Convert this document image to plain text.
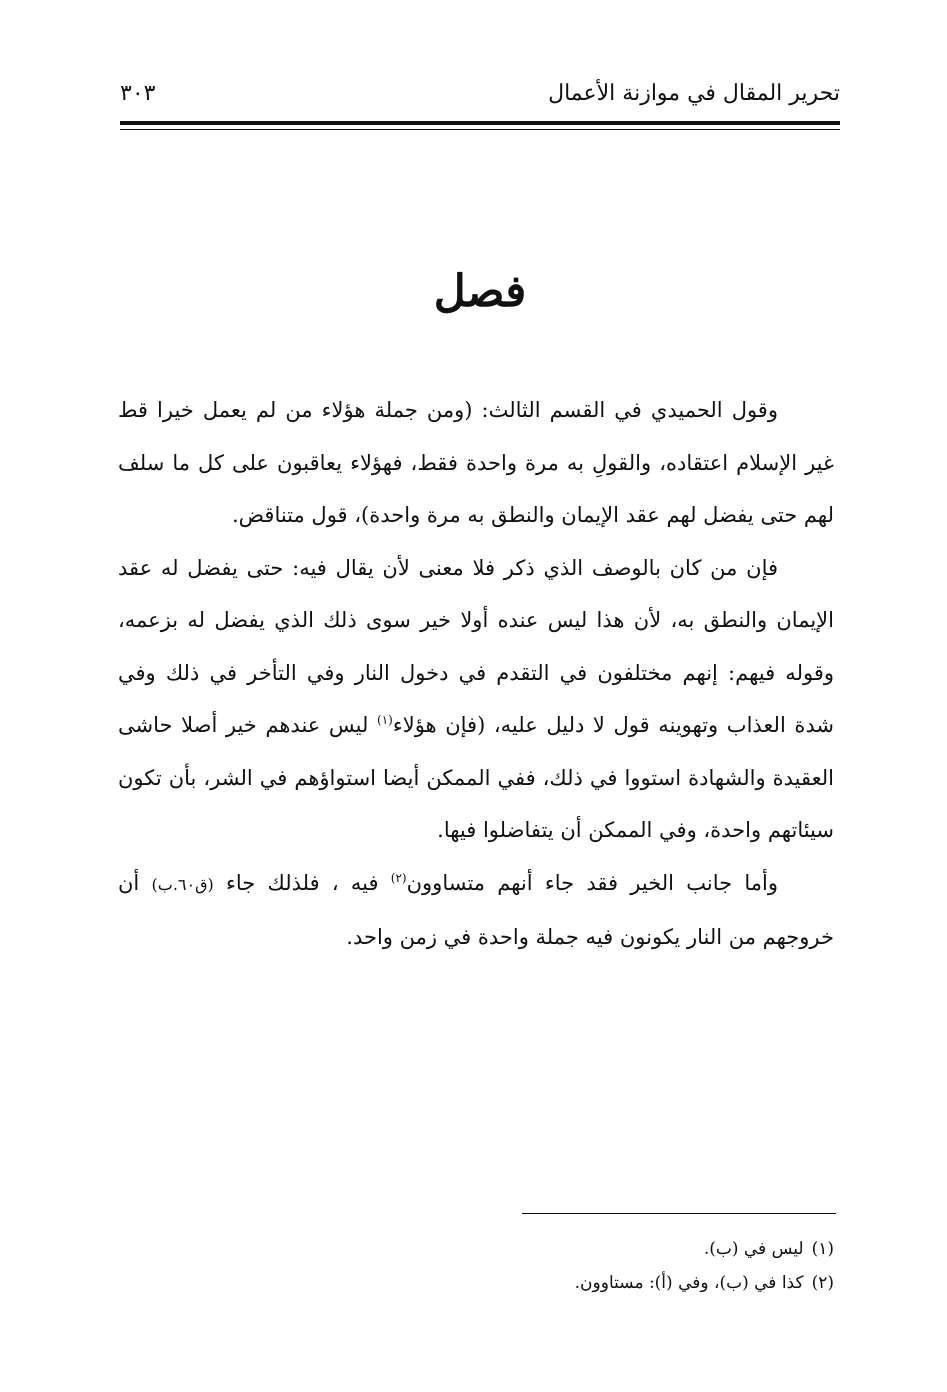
تحرير المقال في موازنة الأعمال
٣٠٣
فصل

وقول الحميدي في القسم الثالث: (ومن جملة هؤلاء من لم يعمل خيرا قط غير الإسلام اعتقاده، والقولِ به مرة واحدة فقط، فهؤلاء يعاقبون على كل ما سلف لهم حتى يفضل لهم عقد الإيمان والنطق به مرة واحدة)، قول متناقض.

فإن من كان بالوصف الذي ذكر فلا معنى لأن يقال فيه: حتى يفضل له عقد الإيمان والنطق به، لأن هذا ليس عنده أولا خير سوى ذلك الذي يفضل له بزعمه، وقوله فيهم: إنهم مختلفون في التقدم في دخول النار وفي التأخر في ذلك وفي شدة العذاب وتهوينه قول لا دليل عليه، (فإن هؤلاء$^{(١)}$ ليس عندهم خير أصلا حاشى العقيدة والشهادة استووا في ذلك، ففي الممكن أيضا استواؤهم في الشر، بأن تكون سيئاتهم واحدة، وفي الممكن أن يتفاضلوا فيها.

وأما جانب الخير فقد جاء أنهم متساوون$^{(٢)}$ فيه ، فلذلك جاء (ق٦٠.ب) أن خروجهم من النار يكونون فيه جملة واحدة في زمن واحد.

(١)ليس في (ب).
(٢)كذا في (ب)، وفي (أ): مستاوون.
